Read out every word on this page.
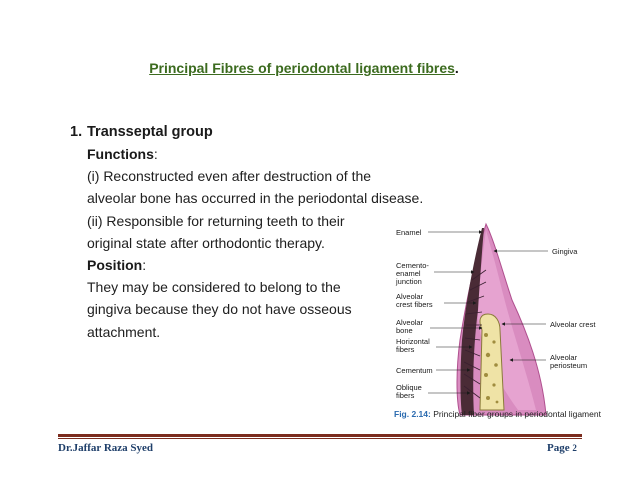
Principal Fibres of periodontal ligament fibres.
1. Transseptal group
Functions:
(i) Reconstructed even after destruction of the
alveolar bone has occurred in the periodontal disease.
(ii) Responsible for returning teeth to their
original state after orthodontic therapy.
Position:
They may be considered to belong to the
gingiva because they do not have osseous
attachment.
Enamel
Cemento-enamel junction
Alveolar crest fibers
Alveolar bone
Horizontal fibers
Cementum
Oblique fibers
Gingiva
Alveolar crest
Alveolar periosteum
Fig. 2.14: Principal fiber groups in periodontal ligament
Dr.Jaffar Raza Syed	Page 2
